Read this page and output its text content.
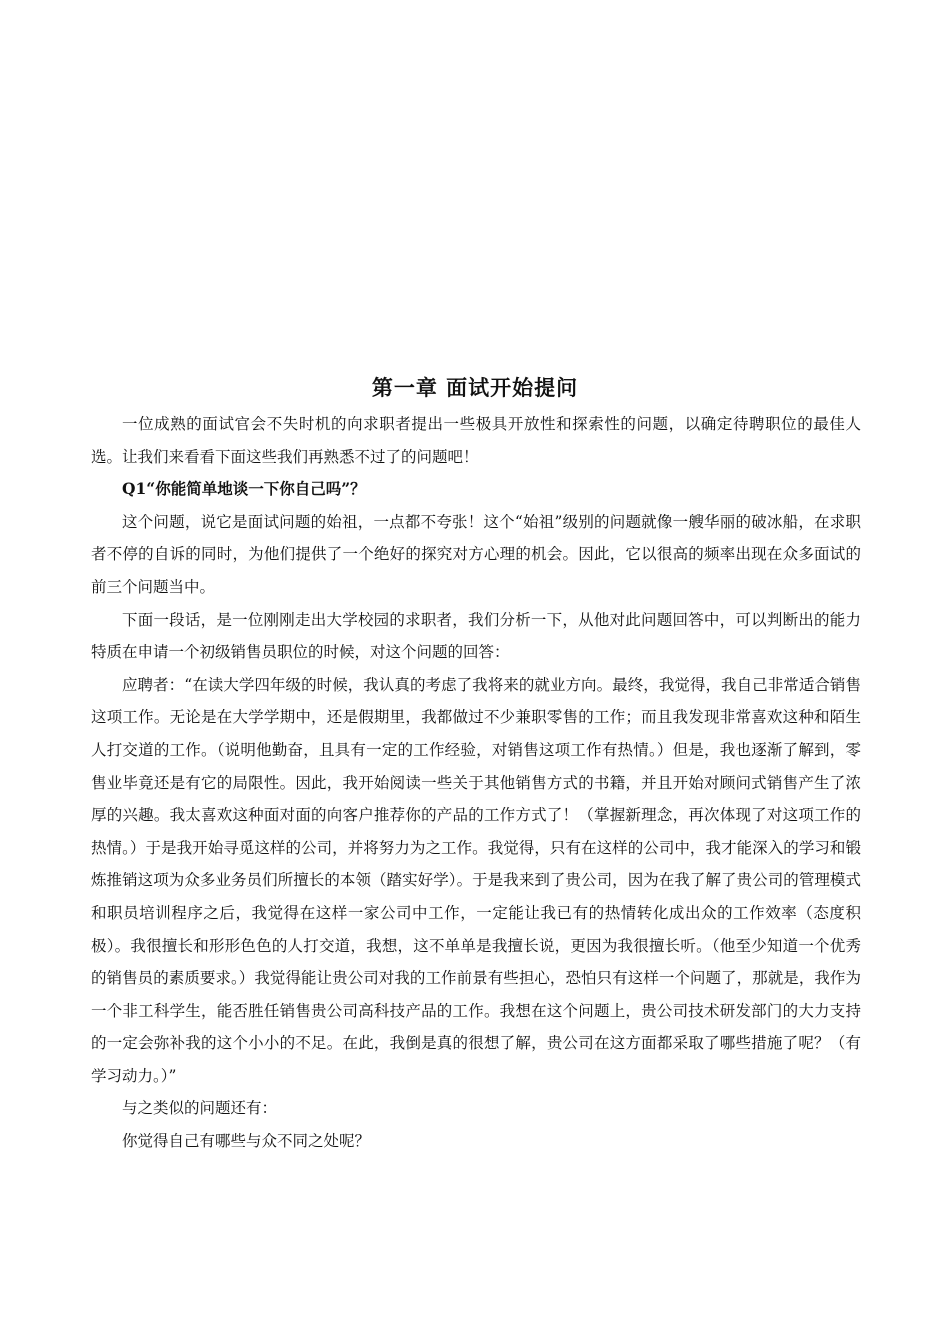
第一章 面试开始提问

一位成熟的面试官会不失时机的向求职者提出一些极具开放性和探索性的问题，以确定待聘职位的最佳人选。让我们来看看下面这些我们再熟悉不过了的问题吧！

Q1“你能简单地谈一下你自己吗”？

这个问题，说它是面试问题的始祖，一点都不夸张！这个“始祖”级别的问题就像一艘华丽的破冰船，在求职者不停的自诉的同时，为他们提供了一个绝好的探究对方心理的机会。因此，它以很高的频率出现在众多面试的前三个问题当中。

下面一段话，是一位刚刚走出大学校园的求职者，我们分析一下，从他对此问题回答中，可以判断出的能力特质在申请一个初级销售员职位的时候，对这个问题的回答：

应聘者：“在读大学四年级的时候，我认真的考虑了我将来的就业方向。最终，我觉得，我自己非常适合销售这项工作。无论是在大学学期中，还是假期里，我都做过不少兼职零售的工作；而且我发现非常喜欢这种和陌生人打交道的工作。（说明他勤奋，且具有一定的工作经验，对销售这项工作有热情。）但是，我也逐渐了解到，零售业毕竟还是有它的局限性。因此，我开始阅读一些关于其他销售方式的书籍，并且开始对顾问式销售产生了浓厚的兴趣。我太喜欢这种面对面的向客户推荐你的产品的工作方式了！（掌握新理念，再次体现了对这项工作的热情。）于是我开始寻觅这样的公司，并将努力为之工作。我觉得，只有在这样的公司中，我才能深入的学习和锻炼推销这项为众多业务员们所擅长的本领（踏实好学）。于是我来到了贵公司，因为在我了解了贵公司的管理模式和职员培训程序之后，我觉得在这样一家公司中工作，一定能让我已有的热情转化成出众的工作效率（态度积极）。我很擅长和形形色色的人打交道，我想，这不单单是我擅长说，更因为我很擅长听。（他至少知道一个优秀的销售员的素质要求。）我觉得能让贵公司对我的工作前景有些担心，恐怕只有这样一个问题了，那就是，我作为一个非工科学生，能否胜任销售贵公司高科技产品的工作。我想在这个问题上，贵公司技术研发部门的大力支持的一定会弥补我的这个小小的不足。在此，我倒是真的很想了解，贵公司在这方面都采取了哪些措施了呢？（有学习动力。）”

与之类似的问题还有：

你觉得自己有哪些与众不同之处呢？
